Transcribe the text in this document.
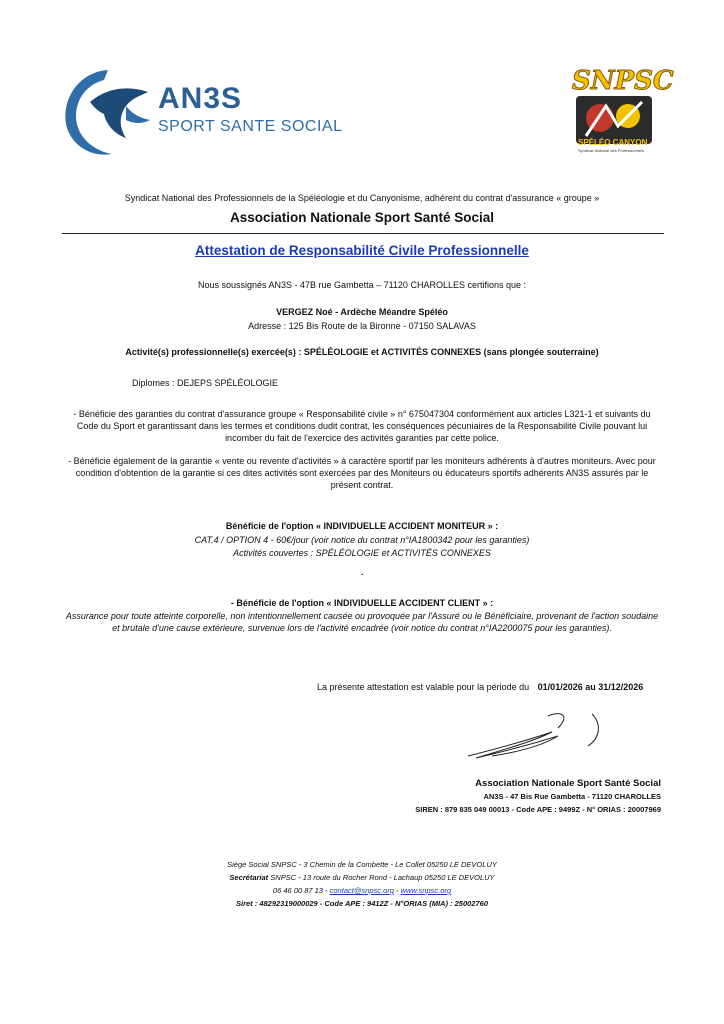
AN3S
SPORT SANTE SOCIAL
SNPSC
SPÉLÉO CANYON
Syndicat National des Professionnels
Syndicat National des Professionnels de la Spéléologie et du Canyonisme, adhérent du contrat d'assurance « groupe »
Association Nationale Sport Santé Social
Attestation de Responsabilité Civile Professionnelle
Nous soussignés AN3S - 47B rue Gambetta – 71120 CHAROLLES certifions que :
VERGEZ Noé - Ardèche Méandre Spéléo
Adresse : 125 Bis Route de la Bironne - 07150 SALAVAS
Activité(s) professionnelle(s) exercée(s) : SPÉLÉOLOGIE et ACTIVITÉS CONNEXES (sans plongée souterraine)
Diplomes : DEJEPS SPÉLÉOLOGIE
- Bénéficie des garanties du contrat d'assurance groupe « Responsabilité civile » n° 675047304 conformément aux articles L321-1 et suivants du Code du Sport et garantissant dans les termes et conditions dudit contrat, les conséquences pécuniaires de la Responsabilité Civile pouvant lui incomber du fait de l'exercice des activités garanties par cette police.
- Bénéficie également de la garantie « vente ou revente d'activités » à caractère sportif par les moniteurs adhérents à d'autres moniteurs. Avec pour condition d'obtention de la garantie si ces dites activités sont exercées par des Moniteurs ou éducateurs sportifs adhérents AN3S assurés par le présent contrat.
Bénéficie de l'option « INDIVIDUELLE ACCIDENT MONITEUR » :
CAT.4 / OPTION 4 - 60€/jour (voir notice du contrat n°IA1800342 pour les garanties)
Activités couvertes : SPÉLÉOLOGIE et ACTIVITÉS CONNEXES
-
- Bénéficie de l'option « INDIVIDUELLE ACCIDENT CLIENT » :
Assurance pour toute atteinte corporelle, non intentionnellement causée ou provoquée par l'Assuré ou le Bénéficiaire, provenant de l'action soudaine et brutale d'une cause extérieure, survenue lors de l'activité encadrée (voir notice du contrat n°IA2200075 pour les garanties).
La présente attestation est valable pour la période du 01/01/2026 au 31/12/2026
Association Nationale Sport Santé Social
AN3S - 47 Bis Rue Gambetta - 71120 CHAROLLES
SIREN : 879 835 049 00013 - Code APE : 9499Z - N° ORIAS : 20007969
Siège Social SNPSC - 3 Chemin de la Combette - Le Collet 05250 LE DEVOLUY
Secrétariat SNPSC - 13 route du Rocher Rond - Lachaup 05250 LE DEVOLUY
06 46 00 87 13 - contact@snpsc.org - www.snpsc.org
Siret : 48292319000029 - Code APE : 9412Z - N°ORIAS (MIA) : 25002760
